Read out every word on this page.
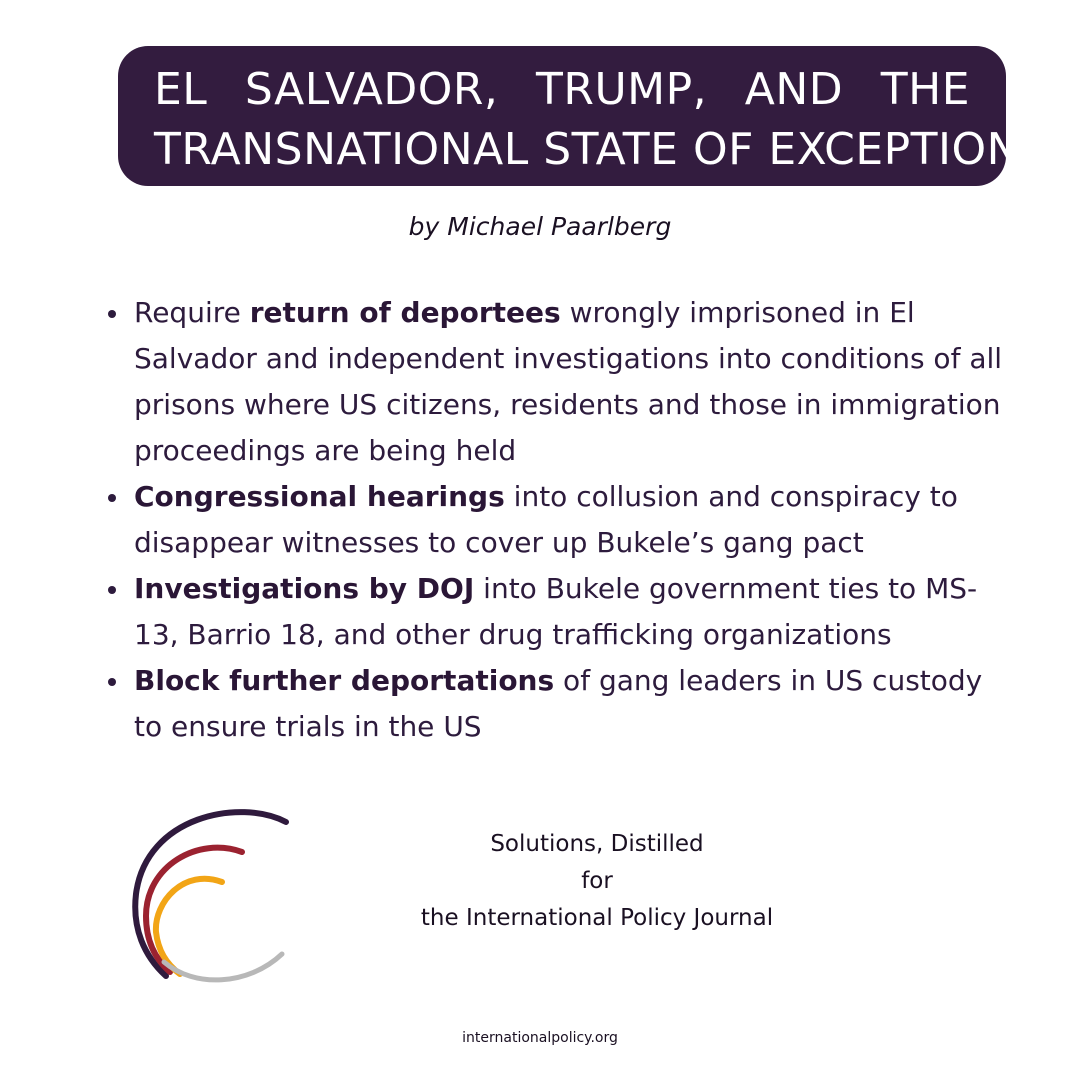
EL SALVADOR, TRUMP, AND THE
TRANSNATIONAL STATE OF EXCEPTION
by Michael Paarlberg
Require return of deportees wrongly imprisoned in El Salvador and independent investigations into conditions of all prisons where US citizens, residents and those in immigration proceedings are being held
Congressional hearings into collusion and conspiracy to disappear witnesses to cover up Bukele’s gang pact
Investigations by DOJ into Bukele government ties to MS-13, Barrio 18, and other drug trafficking organizations
Block further deportations of gang leaders in US custody to ensure trials in the US
Solutions, Distilled
for
the International Policy Journal
internationalpolicy.org
